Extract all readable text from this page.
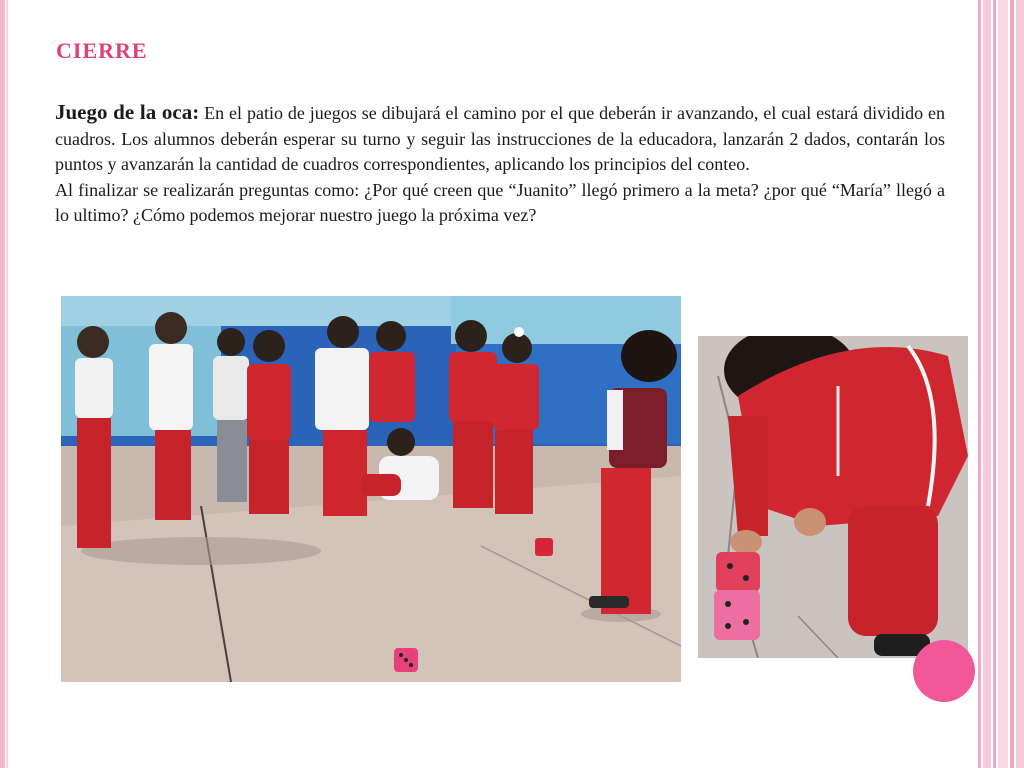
CIERRE

Juego de la oca: En el patio de juegos se dibujará el camino por el que deberán ir avanzando, el cual estará dividido en cuadros. Los alumnos deberán esperar su turno y seguir las instrucciones de la educadora, lanzarán 2 dados, contarán los puntos y avanzarán la cantidad de cuadros correspondientes, aplicando los principios del conteo.

Al finalizar se realizarán preguntas como: ¿Por qué creen que “Juanito” llegó primero a la meta? ¿por qué “María” llegó a lo ultimo? ¿Cómo podemos mejorar nuestro juego la próxima vez?
